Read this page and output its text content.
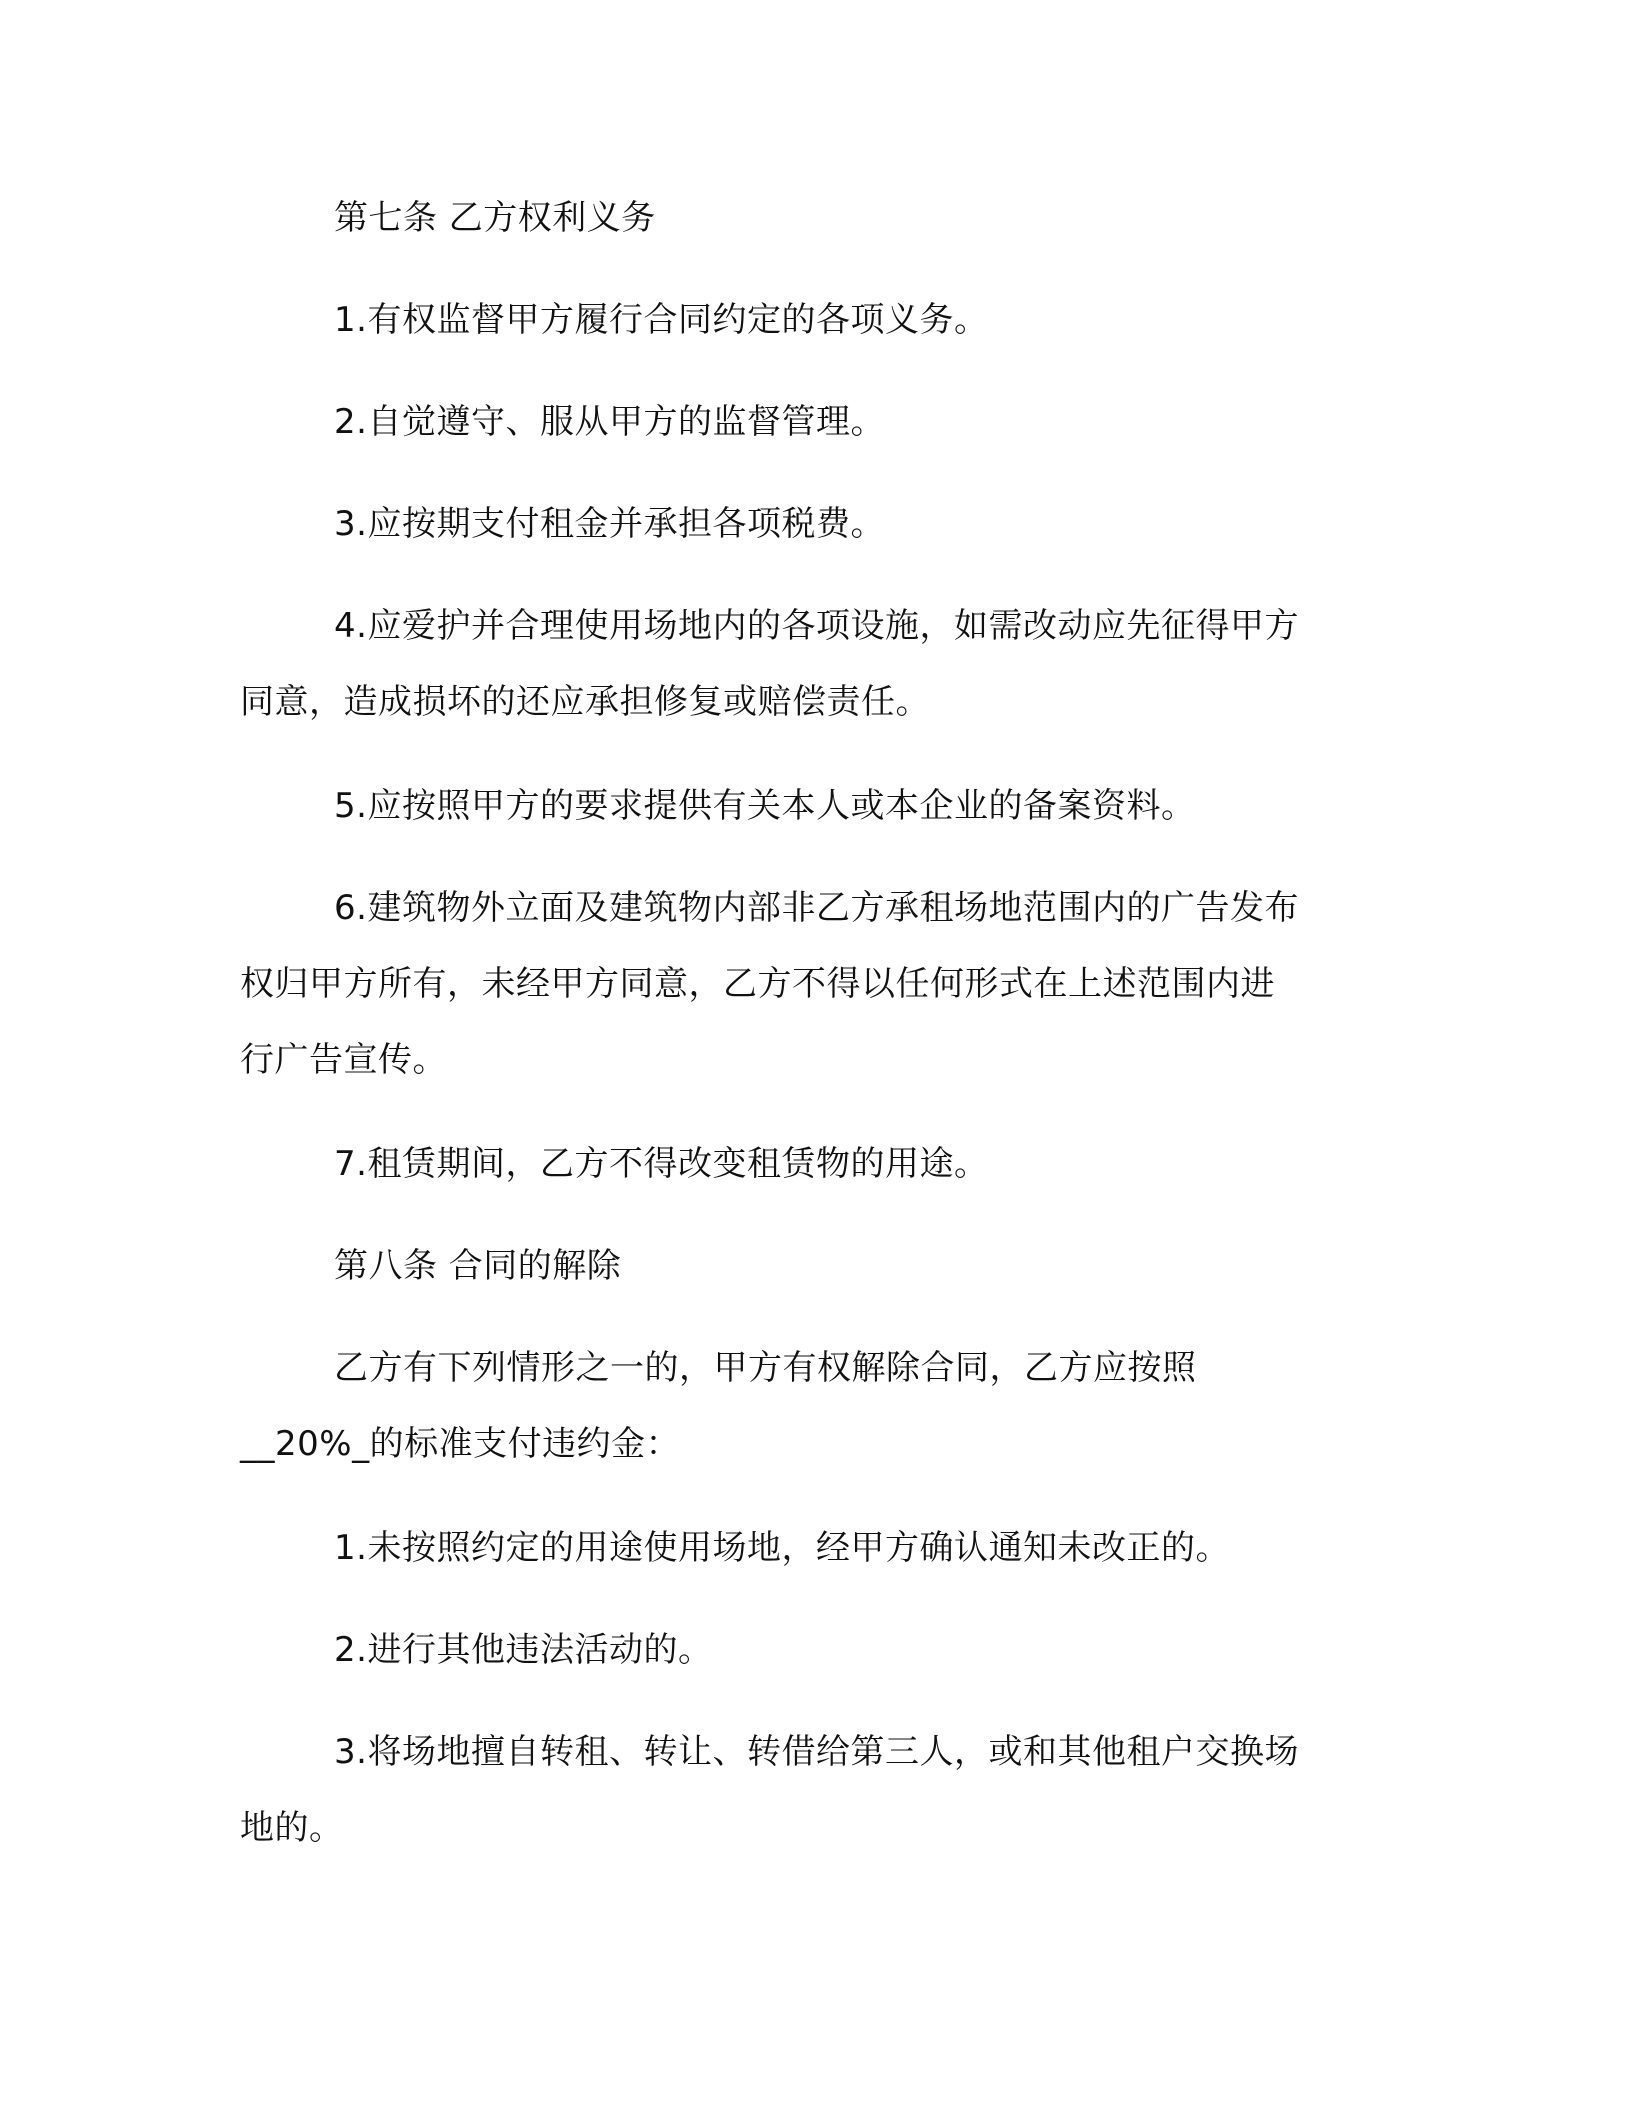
第七条 乙方权利义务

1.有权监督甲方履行合同约定的各项义务。

2.自觉遵守、服从甲方的监督管理。

3.应按期支付租金并承担各项税费。

4.应爱护并合理使用场地内的各项设施，如需改动应先征得甲方

同意，造成损坏的还应承担修复或赔偿责任。

5.应按照甲方的要求提供有关本人或本企业的备案资料。

6.建筑物外立面及建筑物内部非乙方承租场地范围内的广告发布

权归甲方所有，未经甲方同意，乙方不得以任何形式在上述范围内进

行广告宣传。

7.租赁期间，乙方不得改变租赁物的用途。

第八条 合同的解除

乙方有下列情形之一的，甲方有权解除合同，乙方应按照

__20%_的标准支付违约金：

1.未按照约定的用途使用场地，经甲方确认通知未改正的。

2.进行其他违法活动的。

3.将场地擅自转租、转让、转借给第三人，或和其他租户交换场

地的。
